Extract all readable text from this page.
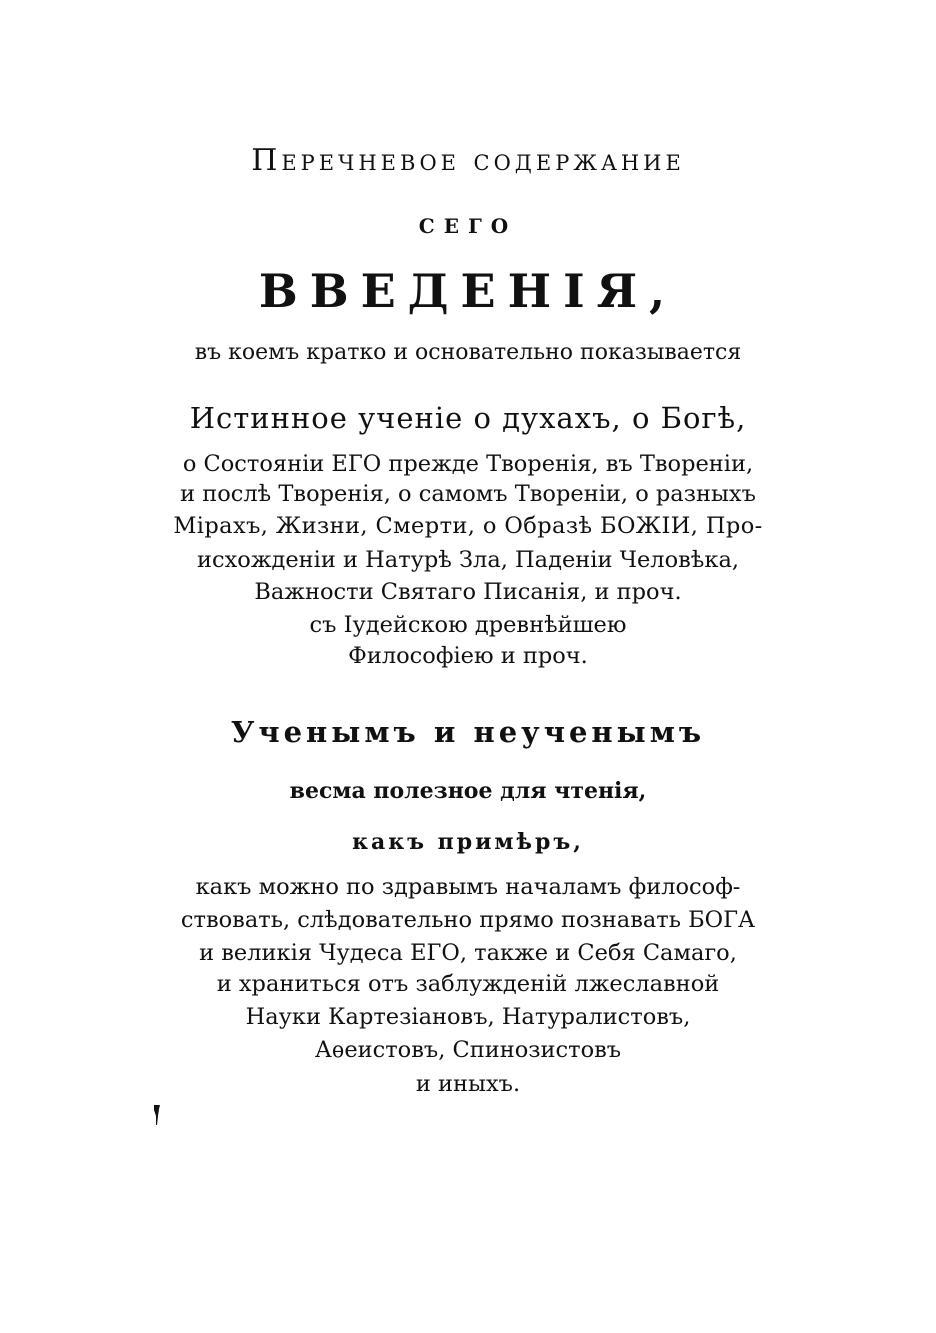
Перечневое содержание
сего
ВВЕДЕНІЯ,
въ коемъ кратко и основательно показывается
Истинное ученіе о духахъ, о Богѣ,
о Состояніи ЕГО прежде Творенія, въ Твореніи,
и послѣ Творенія, о самомъ Твореніи, о разныхъ
Мірахъ, Жизни, Смерти, о Образѣ БОЖІИ, Про-
исхожденіи и Натурѣ Зла, Паденіи Человѣка,
Важности Святаго Писанія, и проч.
съ Іудейскою древнѣйшею
Философіею и проч.
Ученымъ и неученымъ
весма полезное для чтенія,
какъ примѣръ,
какъ можно по здравымъ началамъ философ-
ствовать, слѣдовательно прямо познавать БОГА
и великія Чудеса ЕГО, также и Себя Самаго,
и храниться отъ заблужденій лжеславной
Науки Картезіановъ, Натуралистовъ,
Аѳеистовъ, Спинозистовъ
и иныхъ.
